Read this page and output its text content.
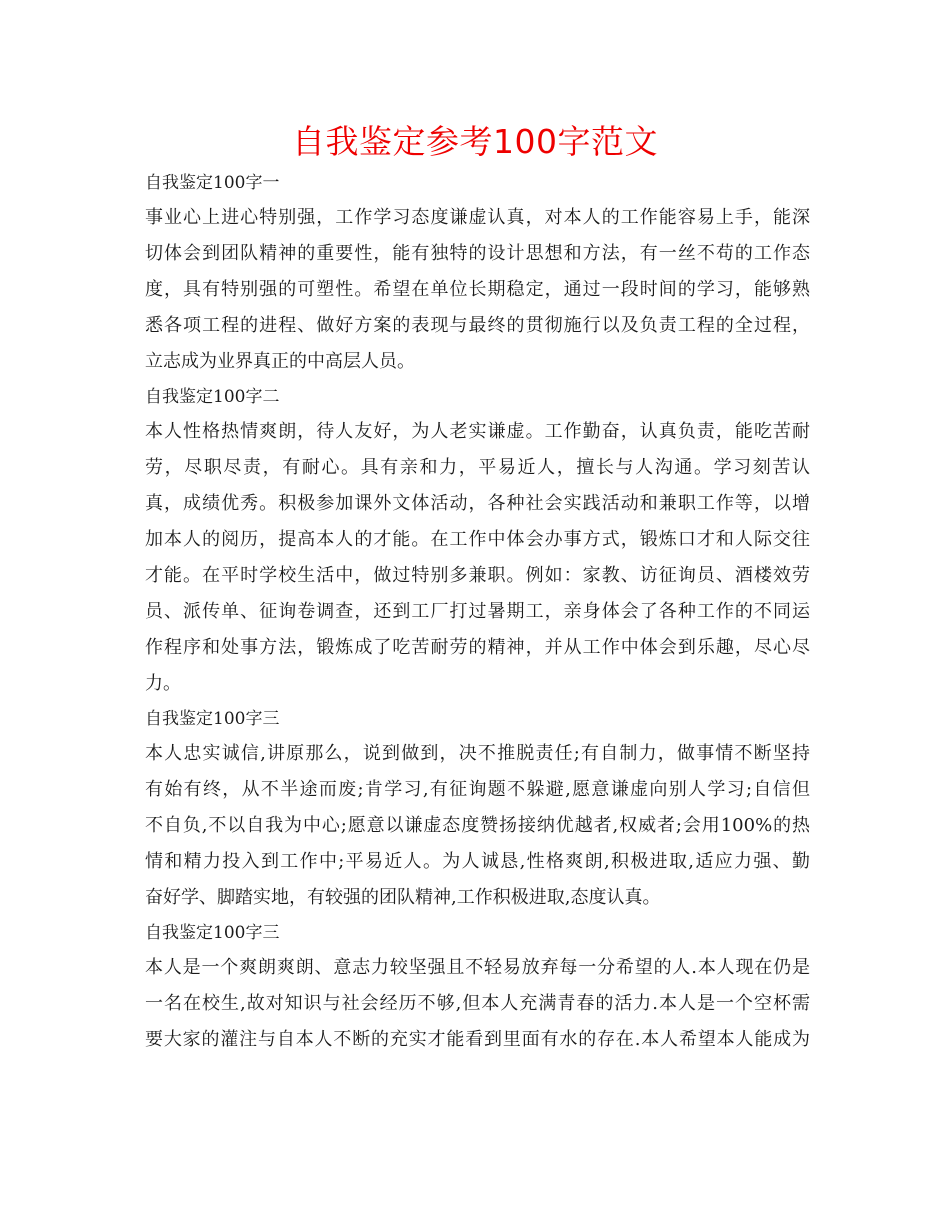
自我鉴定参考100字范文

自我鉴定100字一

事业心上进心特别强，工作学习态度谦虚认真，对本人的工作能容易上手，能深

切体会到团队精神的重要性，能有独特的设计思想和方法，有一丝不苟的工作态

度，具有特别强的可塑性。希望在单位长期稳定，通过一段时间的学习，能够熟

悉各项工程的进程、做好方案的表现与最终的贯彻施行以及负责工程的全过程，

立志成为业界真正的中高层人员。

自我鉴定100字二

本人性格热情爽朗，待人友好，为人老实谦虚。工作勤奋，认真负责，能吃苦耐

劳，尽职尽责，有耐心。具有亲和力，平易近人，擅长与人沟通。学习刻苦认

真，成绩优秀。积极参加课外文体活动，各种社会实践活动和兼职工作等，以增

加本人的阅历，提高本人的才能。在工作中体会办事方式，锻炼口才和人际交往

才能。在平时学校生活中，做过特别多兼职。例如：家教、访征询员、酒楼效劳

员、派传单、征询卷调查，还到工厂打过暑期工，亲身体会了各种工作的不同运

作程序和处事方法，锻炼成了吃苦耐劳的精神，并从工作中体会到乐趣，尽心尽

力。

自我鉴定100字三

本人忠实诚信,讲原那么，说到做到，决不推脱责任;有自制力，做事情不断坚持

有始有终，从不半途而废;肯学习,有征询题不躲避,愿意谦虚向别人学习;自信但

不自负,不以自我为中心;愿意以谦虚态度赞扬接纳优越者,权威者;会用100%的热

情和精力投入到工作中;平易近人。为人诚恳,性格爽朗,积极进取,适应力强、勤

奋好学、脚踏实地，有较强的团队精神,工作积极进取,态度认真。

自我鉴定100字三

本人是一个爽朗爽朗、意志力较坚强且不轻易放弃每一分希望的人.本人现在仍是

一名在校生,故对知识与社会经历不够,但本人充满青春的活力.本人是一个空杯需

要大家的灌注与自本人不断的充实才能看到里面有水的存在.本人希望本人能成为
